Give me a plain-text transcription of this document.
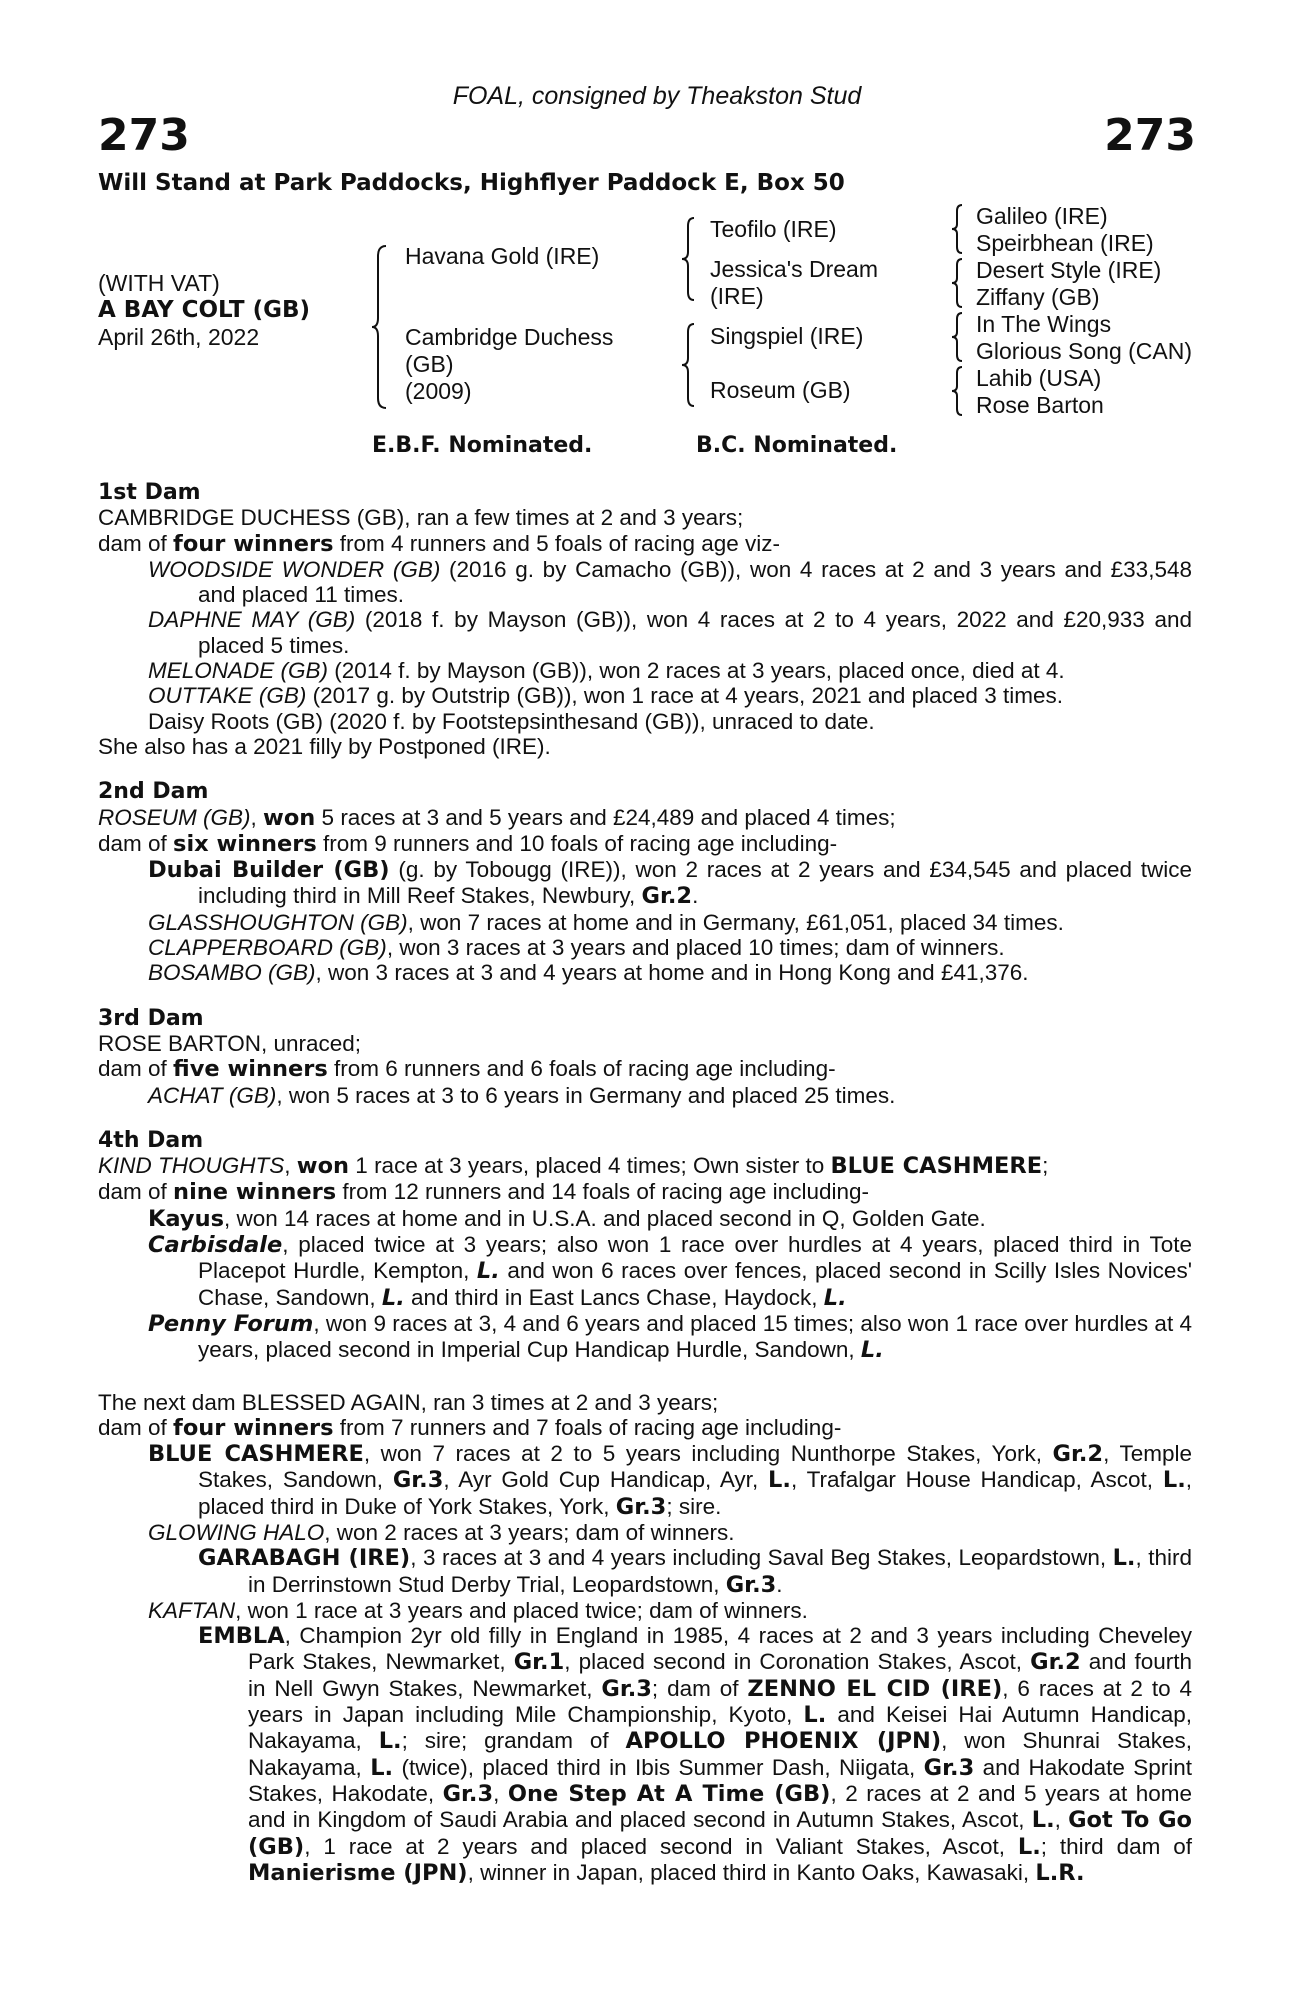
FOAL, consigned by Theakston Stud
273	273
Will Stand at Park Paddocks, Highflyer Paddock E, Box 50
(WITH VAT)
A BAY COLT (GB)
April 26th, 2022
Havana Gold (IRE)
Cambridge Duchess
(GB)
(2009)
Teofilo (IRE)
Jessica's Dream
(IRE)
Singspiel (IRE)
Roseum (GB)
Galileo (IRE)
Speirbhean (IRE)
Desert Style (IRE)
Ziffany (GB)
In The Wings
Glorious Song (CAN)
Lahib (USA)
Rose Barton
E.B.F. Nominated.	B.C. Nominated.
1st Dam

CAMBRIDGE DUCHESS (GB), ran a few times at 2 and 3 years;

dam of four winners from 4 runners and 5 foals of racing age viz-

WOODSIDE WONDER (GB) (2016 g. by Camacho (GB)), won 4 races at 2 and 3 years and £33,548 and placed 11 times.

DAPHNE MAY (GB) (2018 f. by Mayson (GB)), won 4 races at 2 to 4 years, 2022 and £20,933 and placed 5 times.

MELONADE (GB) (2014 f. by Mayson (GB)), won 2 races at 3 years, placed once, died at 4.

OUTTAKE (GB) (2017 g. by Outstrip (GB)), won 1 race at 4 years, 2021 and placed 3 times.

Daisy Roots (GB) (2020 f. by Footstepsinthesand (GB)), unraced to date.

She also has a 2021 filly by Postponed (IRE).

2nd Dam

ROSEUM (GB), won 5 races at 3 and 5 years and £24,489 and placed 4 times;

dam of six winners from 9 runners and 10 foals of racing age including-

Dubai Builder (GB) (g. by Tobougg (IRE)), won 2 races at 2 years and £34,545 and placed twice including third in Mill Reef Stakes, Newbury, Gr.2.

GLASSHOUGHTON (GB), won 7 races at home and in Germany, £61,051, placed 34 times.

CLAPPERBOARD (GB), won 3 races at 3 years and placed 10 times; dam of winners.

BOSAMBO (GB), won 3 races at 3 and 4 years at home and in Hong Kong and £41,376.

3rd Dam

ROSE BARTON, unraced;

dam of five winners from 6 runners and 6 foals of racing age including-

ACHAT (GB), won 5 races at 3 to 6 years in Germany and placed 25 times.

4th Dam

KIND THOUGHTS, won 1 race at 3 years, placed 4 times; Own sister to BLUE CASHMERE;

dam of nine winners from 12 runners and 14 foals of racing age including-

Kayus, won 14 races at home and in U.S.A. and placed second in Q, Golden Gate.

Carbisdale, placed twice at 3 years; also won 1 race over hurdles at 4 years, placed third in Tote Placepot Hurdle, Kempton, L. and won 6 races over fences, placed second in Scilly Isles Novices' Chase, Sandown, L. and third in East Lancs Chase, Haydock, L.

Penny Forum, won 9 races at 3, 4 and 6 years and placed 15 times; also won 1 race over hurdles at 4 years, placed second in Imperial Cup Handicap Hurdle, Sandown, L.

The next dam BLESSED AGAIN, ran 3 times at 2 and 3 years;

dam of four winners from 7 runners and 7 foals of racing age including-

BLUE CASHMERE, won 7 races at 2 to 5 years including Nunthorpe Stakes, York, Gr.2, Temple Stakes, Sandown, Gr.3, Ayr Gold Cup Handicap, Ayr, L., Trafalgar House Handicap, Ascot, L., placed third in Duke of York Stakes, York, Gr.3; sire.

GLOWING HALO, won 2 races at 3 years; dam of winners.

GARABAGH (IRE), 3 races at 3 and 4 years including Saval Beg Stakes, Leopardstown, L., third in Derrinstown Stud Derby Trial, Leopardstown, Gr.3.

KAFTAN, won 1 race at 3 years and placed twice; dam of winners.

EMBLA, Champion 2yr old filly in England in 1985, 4 races at 2 and 3 years including Cheveley Park Stakes, Newmarket, Gr.1, placed second in Coronation Stakes, Ascot, Gr.2 and fourth in Nell Gwyn Stakes, Newmarket, Gr.3; dam of ZENNO EL CID (IRE), 6 races at 2 to 4 years in Japan including Mile Championship, Kyoto, L. and Keisei Hai Autumn Handicap, Nakayama, L.; sire; grandam of APOLLO PHOENIX (JPN), won Shunrai Stakes, Nakayama, L. (twice), placed third in Ibis Summer Dash, Niigata, Gr.3 and Hakodate Sprint Stakes, Hakodate, Gr.3, One Step At A Time (GB), 2 races at 2 and 5 years at home and in Kingdom of Saudi Arabia and placed second in Autumn Stakes, Ascot, L., Got To Go (GB), 1 race at 2 years and placed second in Valiant Stakes, Ascot, L.; third dam of Manierisme (JPN), winner in Japan, placed third in Kanto Oaks, Kawasaki, L.R.
